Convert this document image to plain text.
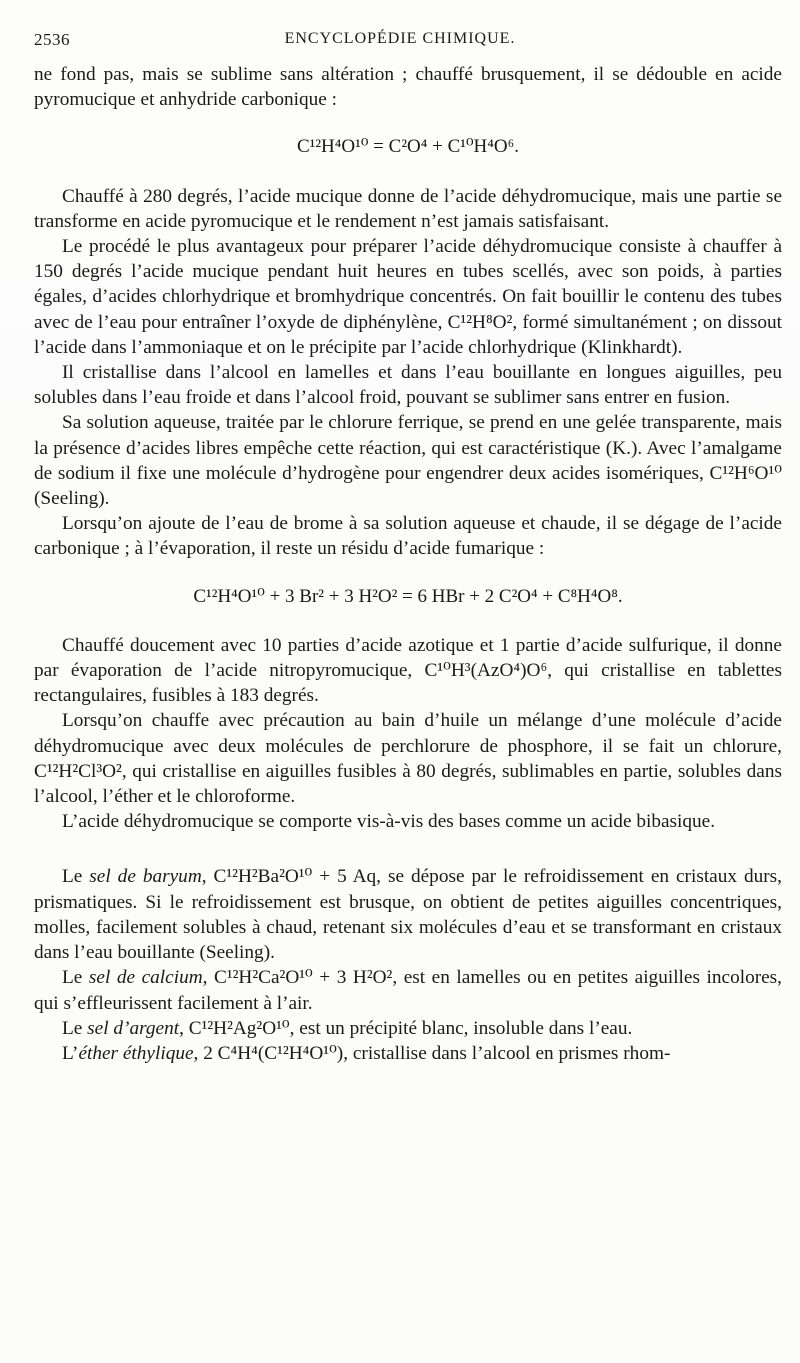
2536	ENCYCLOPÉDIE CHIMIQUE.

ne fond pas, mais se sublime sans altération ; chauffé brusquement, il se dédouble en acide pyromucique et anhydride carbonique :

C¹²H⁴O¹⁰ = C²O⁴ + C¹⁰H⁴O⁶.

Chauffé à 280 degrés, l’acide mucique donne de l’acide déhydromucique, mais une partie se transforme en acide pyromucique et le rendement n’est jamais satisfaisant.

Le procédé le plus avantageux pour préparer l’acide déhydromucique consiste à chauffer à 150 degrés l’acide mucique pendant huit heures en tubes scellés, avec son poids, à parties égales, d’acides chlorhydrique et bromhydrique concentrés. On fait bouillir le contenu des tubes avec de l’eau pour entraîner l’oxyde de diphénylène, C¹²H⁸O², formé simultanément ; on dissout l’acide dans l’ammoniaque et on le précipite par l’acide chlorhydrique (Klinkhardt).

Il cristallise dans l’alcool en lamelles et dans l’eau bouillante en longues aiguilles, peu solubles dans l’eau froide et dans l’alcool froid, pouvant se sublimer sans entrer en fusion.

Sa solution aqueuse, traitée par le chlorure ferrique, se prend en une gelée transparente, mais la présence d’acides libres empêche cette réaction, qui est caractéristique (K.). Avec l’amalgame de sodium il fixe une molécule d’hydrogène pour engendrer deux acides isomériques, C¹²H⁶O¹⁰ (Seeling).

Lorsqu’on ajoute de l’eau de brome à sa solution aqueuse et chaude, il se dégage de l’acide carbonique ; à l’évaporation, il reste un résidu d’acide fumarique :

C¹²H⁴O¹⁰ + 3 Br² + 3 H²O² = 6 HBr + 2 C²O⁴ + C⁸H⁴O⁸.

Chauffé doucement avec 10 parties d’acide azotique et 1 partie d’acide sulfurique, il donne par évaporation de l’acide nitropyromucique, C¹⁰H³(AzO⁴)O⁶, qui cristallise en tablettes rectangulaires, fusibles à 183 degrés.

Lorsqu’on chauffe avec précaution au bain d’huile un mélange d’une molécule d’acide déhydromucique avec deux molécules de perchlorure de phosphore, il se fait un chlorure, C¹²H²Cl³O², qui cristallise en aiguilles fusibles à 80 degrés, sublimables en partie, solubles dans l’alcool, l’éther et le chloroforme.

L’acide déhydromucique se comporte vis-à-vis des bases comme un acide bibasique.

Le sel de baryum, C¹²H²Ba²O¹⁰ + 5 Aq, se dépose par le refroidissement en cristaux durs, prismatiques. Si le refroidissement est brusque, on obtient de petites aiguilles concentriques, molles, facilement solubles à chaud, retenant six molécules d’eau et se transformant en cristaux dans l’eau bouillante (Seeling).

Le sel de calcium, C¹²H²Ca²O¹⁰ + 3 H²O², est en lamelles ou en petites aiguilles incolores, qui s’effleurissent facilement à l’air.

Le sel d’argent, C¹²H²Ag²O¹⁰, est un précipité blanc, insoluble dans l’eau.

L’éther éthylique, 2 C⁴H⁴(C¹²H⁴O¹⁰), cristallise dans l’alcool en prismes rhom-
